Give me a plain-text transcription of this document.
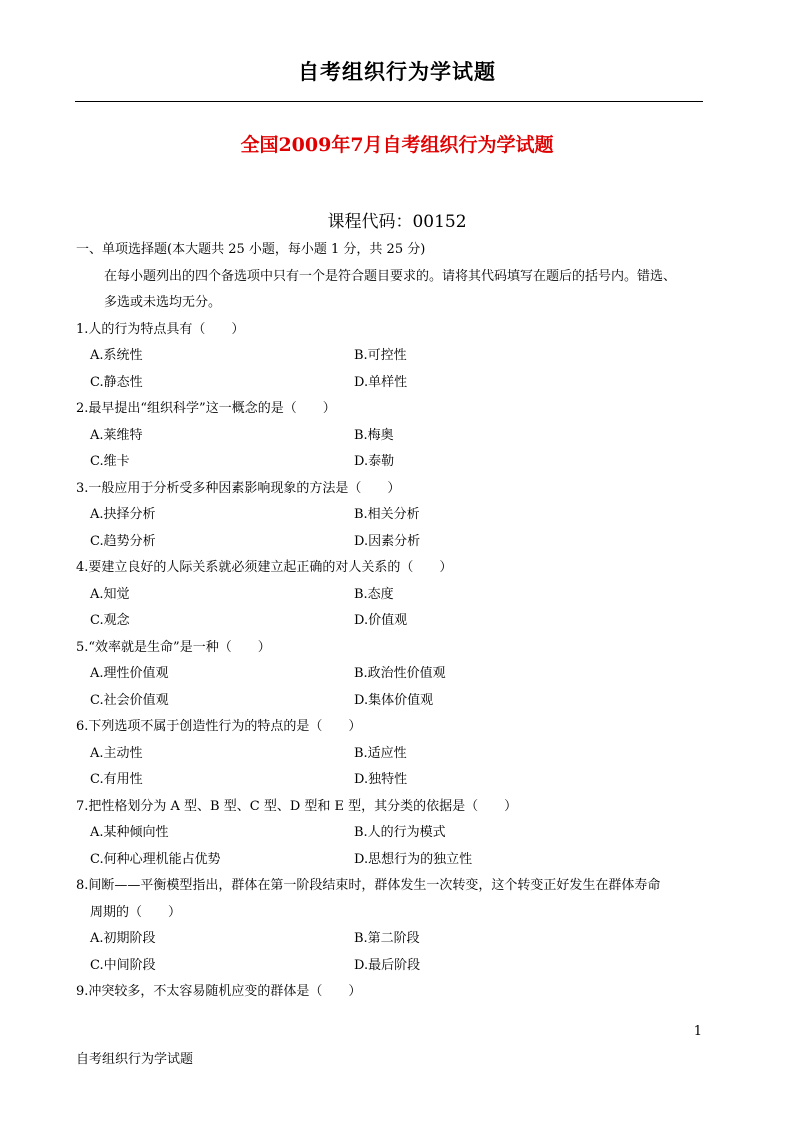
自考组织行为学试题
全国2009年7月自考组织行为学试题
课程代码：00152
一、单项选择题(本大题共 25 小题，每小题 1 分，共 25 分)
在每小题列出的四个备选项中只有一个是符合题目要求的。请将其代码填写在题后的括号内。错选、
多选或未选均无分。
1.人的行为特点具有（　　）
A.系统性	B.可控性
C.静态性	D.单样性
2.最早提出“组织科学”这一概念的是（　　）
A.莱维特	B.梅奥
C.维卡	D.泰勒
3.一般应用于分析受多种因素影响现象的方法是（　　）
A.抉择分析	B.相关分析
C.趋势分析	D.因素分析
4.要建立良好的人际关系就必须建立起正确的对人关系的（　　）
A.知觉	B.态度
C.观念	D.价值观
5.“效率就是生命”是一种（　　）
A.理性价值观	B.政治性价值观
C.社会价值观	D.集体价值观
6.下列选项不属于创造性行为的特点的是（　　）
A.主动性	B.适应性
C.有用性	D.独特性
7.把性格划分为 A 型、B 型、C 型、D 型和 E 型，其分类的依据是（　　）
A.某种倾向性	B.人的行为模式
C.何种心理机能占优势	D.思想行为的独立性
8.间断——平衡模型指出，群体在第一阶段结束时，群体发生一次转变，这个转变正好发生在群体寿命
周期的（　　）
A.初期阶段	B.第二阶段
C.中间阶段	D.最后阶段
9.冲突较多，不太容易随机应变的群体是（　　）
1
自考组织行为学试题
